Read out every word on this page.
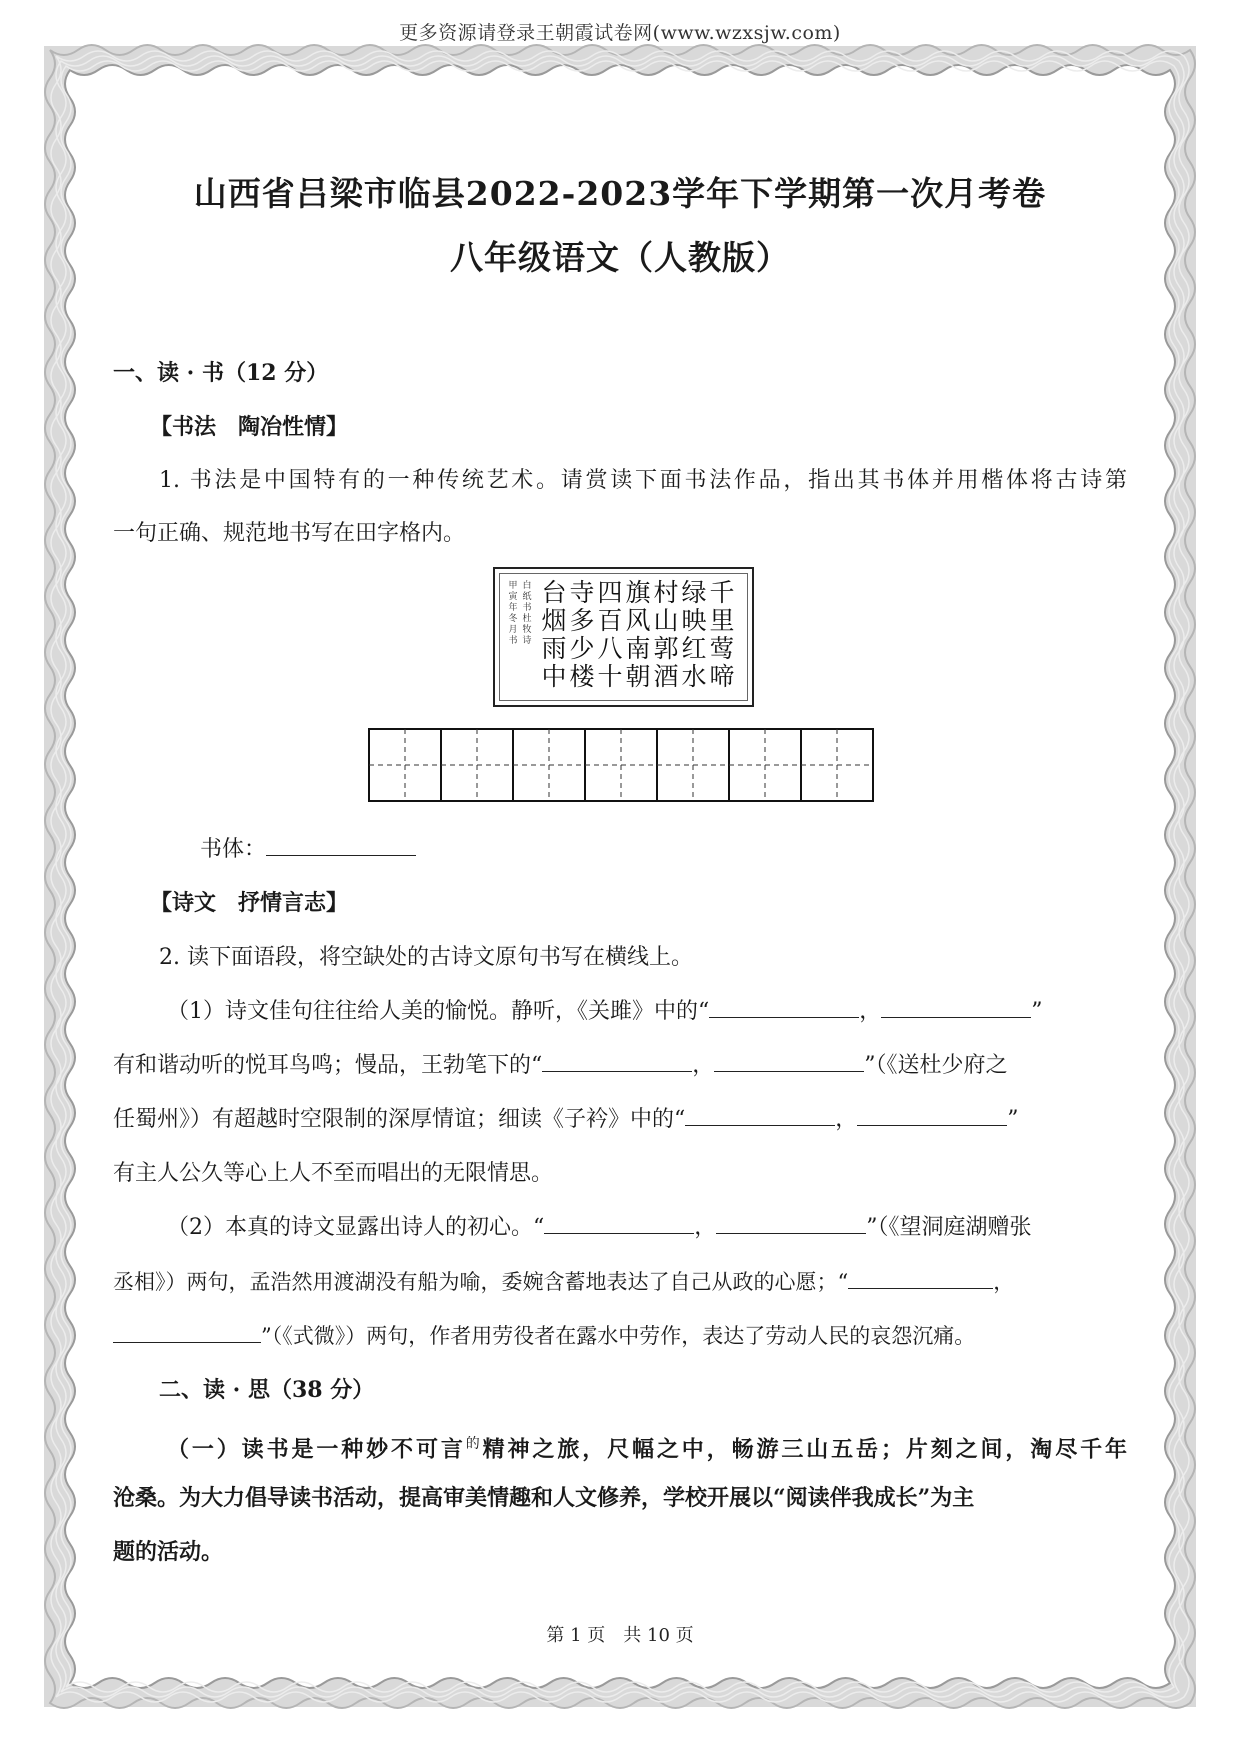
更多资源请登录王朝霞试卷网(www.wzxsjw.com)
山西省吕梁市临县2022-2023学年下学期第一次月考卷
八年级语文（人教版）
一、读 · 书（12 分）
【书法　陶冶性情】
1. 书法是中国特有的一种传统艺术。请赏读下面书法作品，指出其书体并用楷体将古诗第
一句正确、规范地书写在田字格内。
千里莺啼
绿映红水
村山郭酒
旗风南朝
四百八十
寺多少楼
台烟雨中
白纸书杜牧诗
甲寅年冬月书
书体：
【诗文　抒情言志】
2. 读下面语段，将空缺处的古诗文原句书写在横线上。
（1）诗文佳句往往给人美的愉悦。静听，《关雎》中的“	，	”
有和谐动听的悦耳鸟鸣；慢品，王勃笔下的“	，	”（《送杜少府之
任蜀州》）有超越时空限制的深厚情谊；细读《子衿》中的“	，	”
有主人公久等心上人不至而唱出的无限情思。
（2）本真的诗文显露出诗人的初心。“	，	”（《望洞庭湖赠张
丞相》）两句，孟浩然用渡湖没有船为喻，委婉含蓄地表达了自己从政的心愿；“	，
”（《式微》）两句，作者用劳役者在露水中劳作，表达了劳动人民的哀怨沉痛。
二、读 · 思（38 分）
（一）读书是一种妙不可言$^的$精神之旅，尺幅之中，畅游三山五岳；片刻之间，淘尽千年
沧桑。为大力倡导读书活动，提高审美情趣和人文修养，学校开展以“阅读伴我成长”为主
题的活动。
第 1 页　共 10 页
